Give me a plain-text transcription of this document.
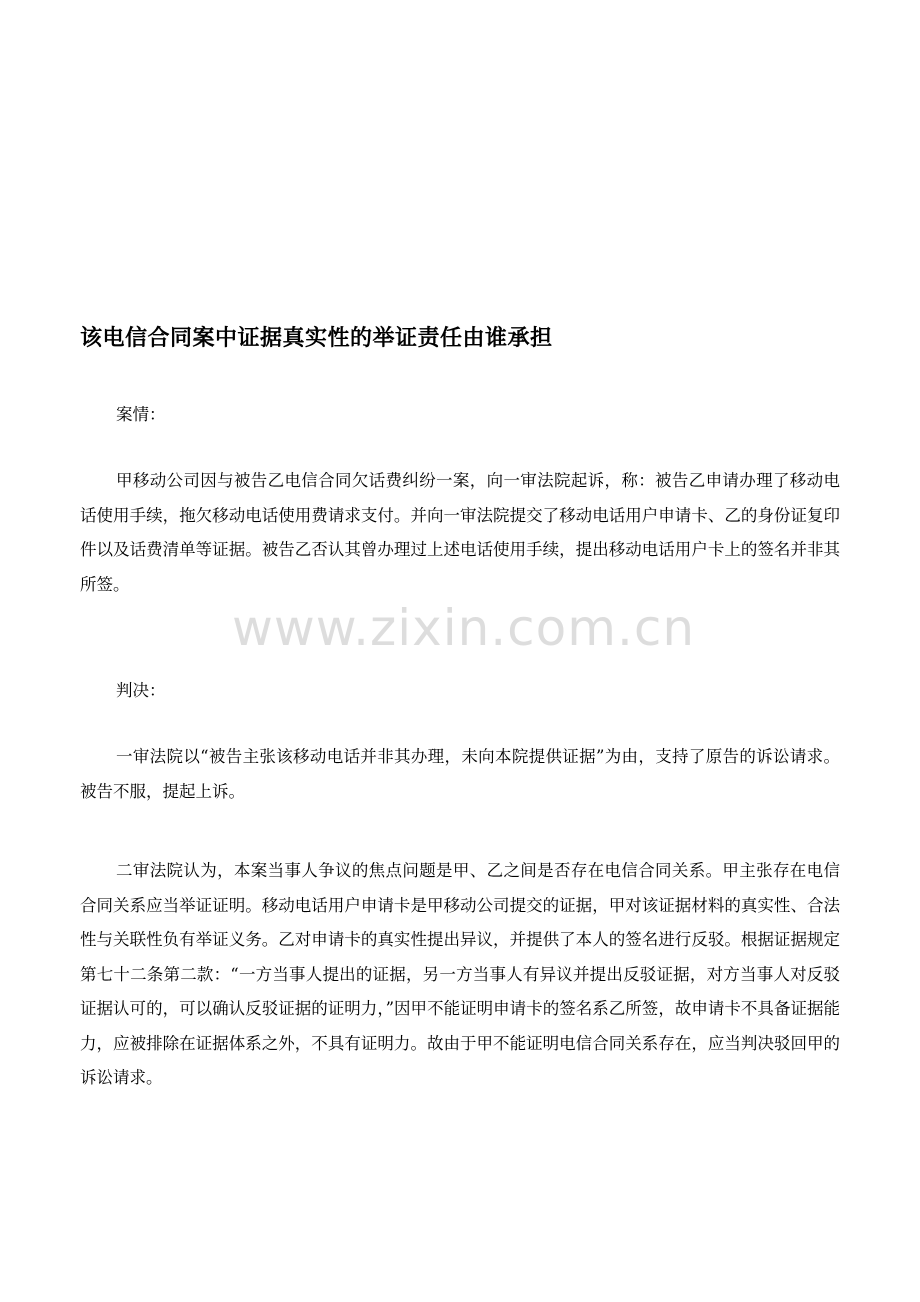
该电信合同案中证据真实性的举证责任由谁承担

案情：

甲移动公司因与被告乙电信合同欠话费纠纷一案，向一审法院起诉，称：被告乙申请办理了移动电话使用手续，拖欠移动电话使用费请求支付。并向一审法院提交了移动电话用户申请卡、乙的身份证复印件以及话费清单等证据。被告乙否认其曾办理过上述电话使用手续，提出移动电话用户卡上的签名并非其所签。

判决：

一审法院以“被告主张该移动电话并非其办理，未向本院提供证据”为由，支持了原告的诉讼请求。被告不服，提起上诉。

二审法院认为，本案当事人争议的焦点问题是甲、乙之间是否存在电信合同关系。甲主张存在电信合同关系应当举证证明。移动电话用户申请卡是甲移动公司提交的证据，甲对该证据材料的真实性、合法性与关联性负有举证义务。乙对申请卡的真实性提出异议，并提供了本人的签名进行反驳。根据证据规定第七十二条第二款：“一方当事人提出的证据，另一方当事人有异议并提出反驳证据，对方当事人对反驳证据认可的，可以确认反驳证据的证明力，”因甲不能证明申请卡的签名系乙所签，故申请卡不具备证据能力，应被排除在证据体系之外，不具有证明力。故由于甲不能证明电信合同关系存在，应当判决驳回甲的诉讼请求。

www.zixin.com.cn
